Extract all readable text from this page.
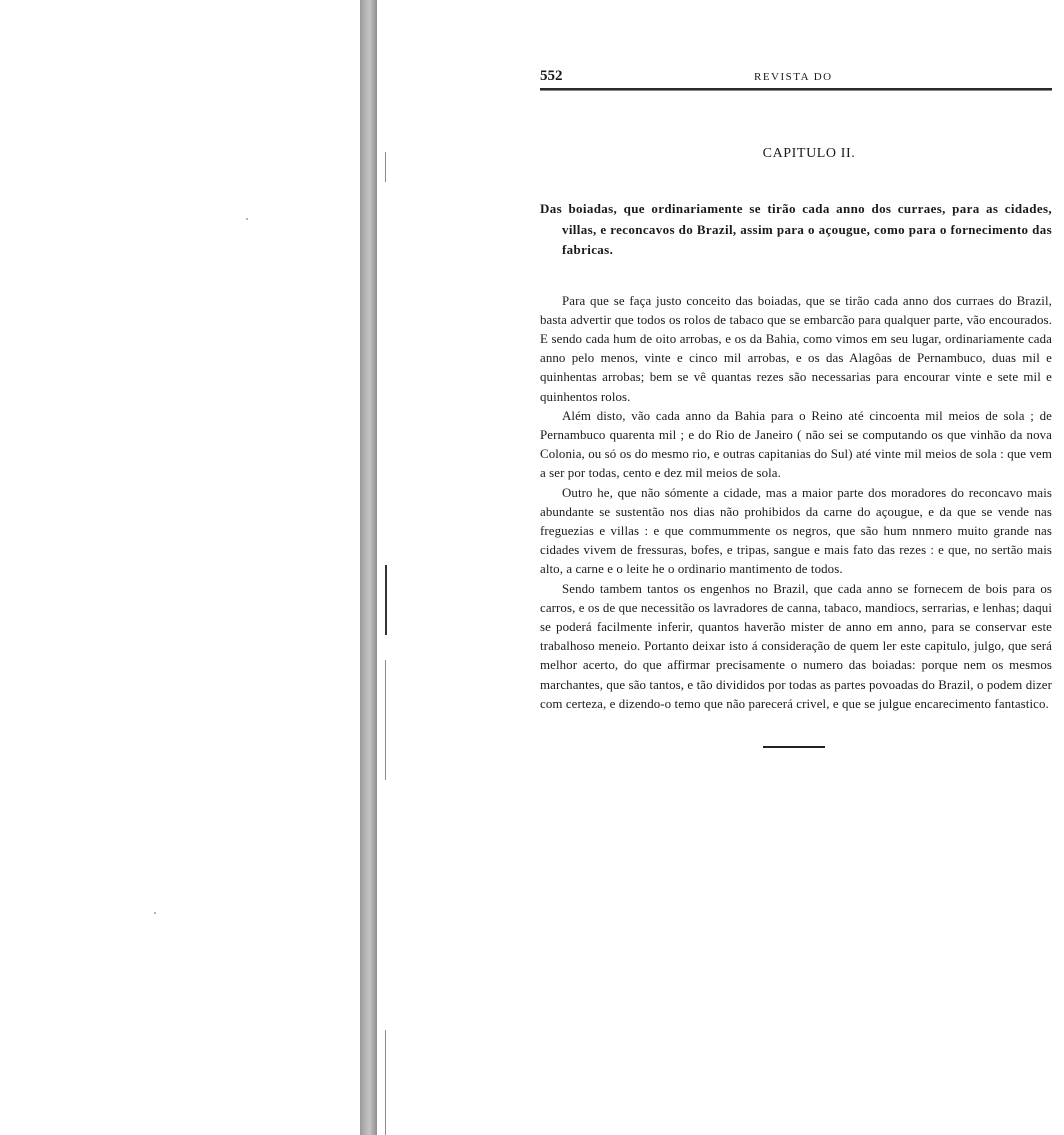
552	REVISTA DO
CAPITULO II.
Das boiadas, que ordinariamente se tirão cada anno dos curraes, para as cidades, villas, e reconcavos do Brazil, assim para o açougue, como para o fornecimento das fabricas.

Para que se faça justo conceito das boiadas, que se tirão cada anno dos curraes do Brazil, basta advertir que todos os rolos de tabaco que se embarcão para qualquer parte, vão encourados. E sendo cada hum de oito arrobas, e os da Bahia, como vimos em seu lugar, ordinariamente cada anno pelo menos, vinte e cinco mil arrobas, e os das Alagôas de Pernambuco, duas mil e quinhentas arrobas; bem se vê quantas rezes são necessarias para encourar vinte e sete mil e quinhentos rolos.

Além disto, vão cada anno da Bahia para o Reino até cincoenta mil meios de sola ; de Pernambuco quarenta mil ; e do Rio de Janeiro ( não sei se computando os que vinhão da nova Colonia, ou só os do mesmo rio, e outras capitanias do Sul) até vinte mil meios de sola : que vem a ser por todas, cento e dez mil meios de sola.

Outro he, que não sómente a cidade, mas a maior parte dos moradores do reconcavo mais abundante se sustentão nos dias não prohibidos da carne do açougue, e da que se vende nas freguezias e villas : e que commummente os negros, que são hum nnmero muito grande nas cidades vivem de fressuras, bofes, e tripas, sangue e mais fato das rezes : e que, no sertão mais alto, a carne e o leite he o ordinario mantimento de todos.

Sendo tambem tantos os engenhos no Brazil, que cada anno se fornecem de bois para os carros, e os de que necessitão os lavradores de canna, tabaco, mandiocs, serrarias, e lenhas; daqui se poderá facilmente inferir, quantos haverão mister de anno em anno, para se conservar este trabalhoso meneio. Portanto deixar isto á consideração de quem ler este capitulo, julgo, que será melhor acerto, do que affirmar precisamente o numero das boiadas: porque nem os mesmos marchantes, que são tantos, e tão divididos por todas as partes povoadas do Brazil, o podem dizer com certeza, e dizendo-o temo que não parecerá crivel, e que se julgue encarecimento fantastico.
